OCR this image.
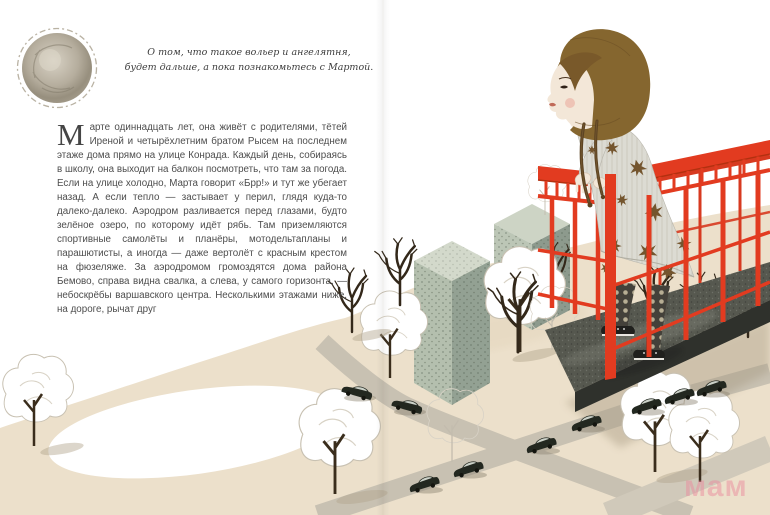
О том, что такое вольер и ангелятня,
будет дальше, а пока познакомьтесь с Мартой.
Марте одиннадцать лет, она живёт с родителями, тётей Иреной и четырёхлетним братом Рысем на последнем этаже дома прямо на улице Конрада. Каждый день, собираясь в школу, она выходит на балкон посмотреть, что там за погода. Если на улице холодно, Марта говорит «Брр!» и тут же убегает назад. А если тепло — застывает у перил, глядя куда-то далеко-далеко. Аэродром разливается перед глазами, будто зелёное озеро, по которому идёт рябь. Там приземляются спортивные самолёты и планёры, мотодельтапланы и парашютисты, а иногда — даже вертолёт с красным крестом на фюзеляже. За аэродромом громоздятся дома района Бемово, справа видна свалка, а слева, у самого горизонта, — небоскрёбы варшавского центра. Несколькими этажами ниже, на дороге, рычат друг
мам
